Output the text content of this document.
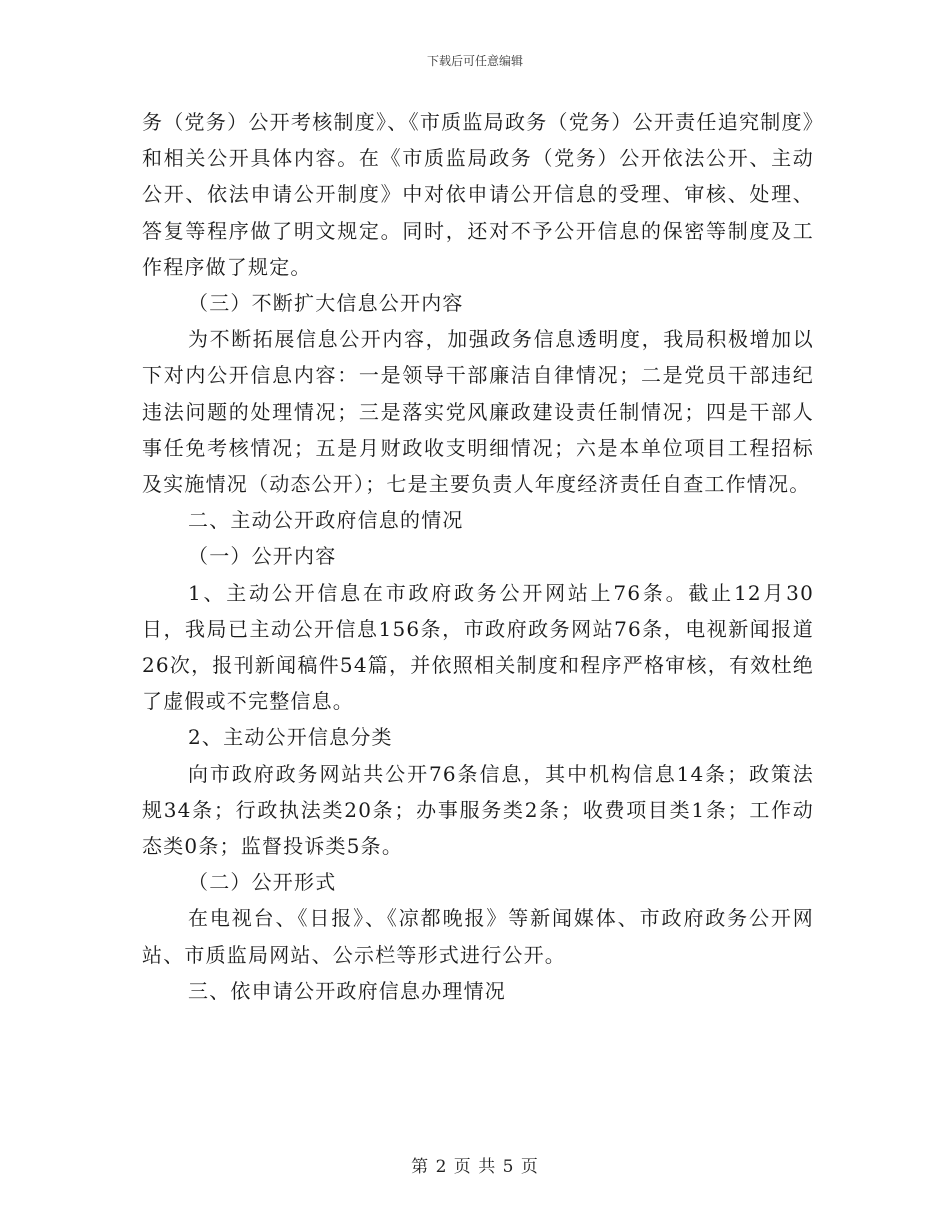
下载后可任意编辑

务（党务）公开考核制度》、《市质监局政务（党务）公开责任追究制度》和相关公开具体内容。在《市质监局政务（党务）公开依法公开、主动公开、依法申请公开制度》中对依申请公开信息的受理、审核、处理、答复等程序做了明文规定。同时，还对不予公开信息的保密等制度及工作程序做了规定。

（三）不断扩大信息公开内容

为不断拓展信息公开内容，加强政务信息透明度，我局积极增加以下对内公开信息内容：一是领导干部廉洁自律情况；二是党员干部违纪违法问题的处理情况；三是落实党风廉政建设责任制情况；四是干部人事任免考核情况；五是月财政收支明细情况；六是本单位项目工程招标及实施情况（动态公开）；七是主要负责人年度经济责任自查工作情况。

二、主动公开政府信息的情况

（一）公开内容

1、主动公开信息在市政府政务公开网站上76条。截止12月30日，我局已主动公开信息156条，市政府政务网站76条，电视新闻报道26次，报刊新闻稿件54篇，并依照相关制度和程序严格审核，有效杜绝了虚假或不完整信息。

2、主动公开信息分类

向市政府政务网站共公开76条信息，其中机构信息14条；政策法规34条；行政执法类20条；办事服务类2条；收费项目类1条；工作动态类0条；监督投诉类5条。

（二）公开形式

在电视台、《日报》、《凉都晚报》等新闻媒体、市政府政务公开网站、市质监局网站、公示栏等形式进行公开。

三、依申请公开政府信息办理情况

第 2 页 共 5 页
